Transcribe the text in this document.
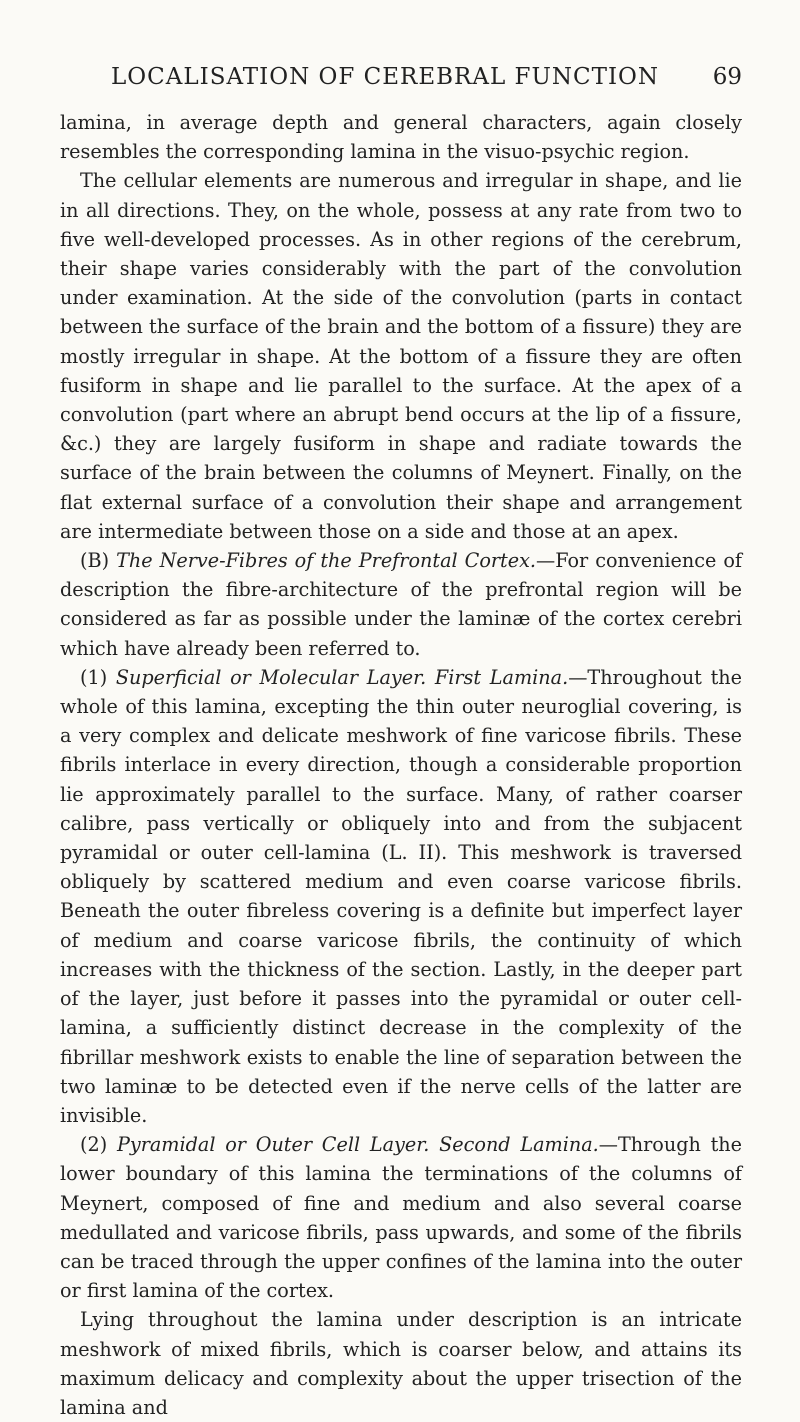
LOCALISATION OF CEREBRAL FUNCTION 69

lamina, in average depth and general characters, again closely resembles the corresponding lamina in the visuo-psychic region.

The cellular elements are numerous and irregular in shape, and lie in all directions. They, on the whole, possess at any rate from two to five well-developed processes. As in other regions of the cerebrum, their shape varies considerably with the part of the convolution under examination. At the side of the convolution (parts in contact between the surface of the brain and the bottom of a fissure) they are mostly irregular in shape. At the bottom of a fissure they are often fusiform in shape and lie parallel to the surface. At the apex of a convolution (part where an abrupt bend occurs at the lip of a fissure, &c.) they are largely fusiform in shape and radiate towards the surface of the brain between the columns of Meynert. Finally, on the flat external surface of a convolution their shape and arrangement are intermediate between those on a side and those at an apex.

(B) The Nerve-Fibres of the Prefrontal Cortex.—For convenience of description the fibre-architecture of the prefrontal region will be considered as far as possible under the laminæ of the cortex cerebri which have already been referred to.

(1) Superficial or Molecular Layer. First Lamina.—Throughout the whole of this lamina, excepting the thin outer neuroglial covering, is a very complex and delicate meshwork of fine varicose fibrils. These fibrils interlace in every direction, though a considerable proportion lie approximately parallel to the surface. Many, of rather coarser calibre, pass vertically or obliquely into and from the subjacent pyramidal or outer cell-lamina (L. II). This meshwork is traversed obliquely by scattered medium and even coarse varicose fibrils. Beneath the outer fibreless covering is a definite but imperfect layer of medium and coarse varicose fibrils, the continuity of which increases with the thickness of the section. Lastly, in the deeper part of the layer, just before it passes into the pyramidal or outer cell-lamina, a sufficiently distinct decrease in the complexity of the fibrillar meshwork exists to enable the line of separation between the two laminæ to be detected even if the nerve cells of the latter are invisible.

(2) Pyramidal or Outer Cell Layer. Second Lamina.—Through the lower boundary of this lamina the terminations of the columns of Meynert, composed of fine and medium and also several coarse medullated and varicose fibrils, pass upwards, and some of the fibrils can be traced through the upper confines of the lamina into the outer or first lamina of the cortex.

Lying throughout the lamina under description is an intricate meshwork of mixed fibrils, which is coarser below, and attains its maximum delicacy and complexity about the upper trisection of the lamina and
